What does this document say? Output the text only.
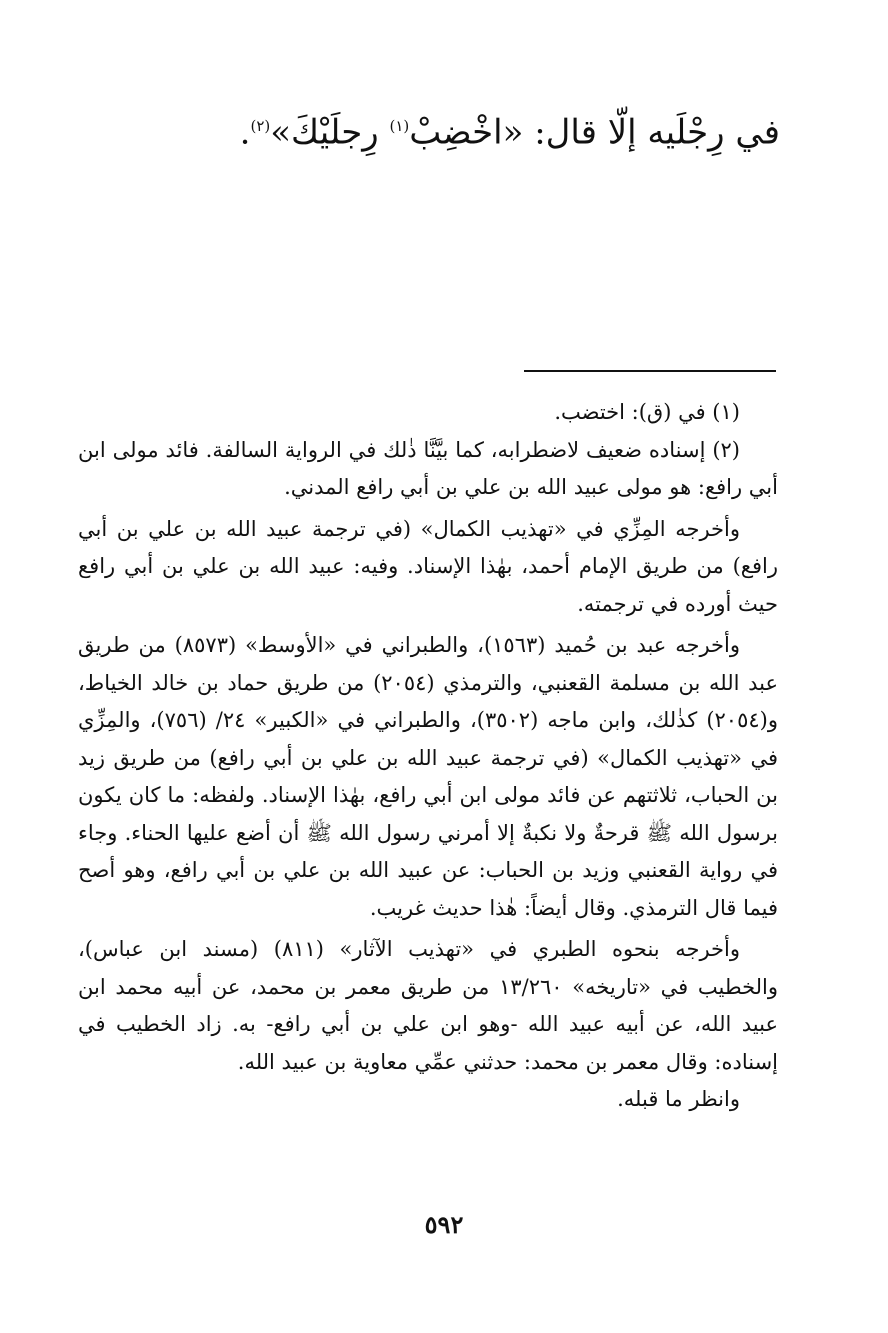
في رِجْلَيه إلّا قال: «اخْضِبْ$^{(١)}$ رِجلَيْكَ»$^{(٢)}$.

(١) في (ق): اختضب.

(٢) إسناده ضعيف لاضطرابه، كما بيَّنَّا ذٰلك في الرواية السالفة. فائد مولى ابن أبي رافع: هو مولى عبيد الله بن علي بن أبي رافع المدني.

وأخرجه المِزِّي في «تهذيب الكمال» (في ترجمة عبيد الله بن علي بن أبي رافع) من طريق الإمام أحمد، بهٰذا الإسناد. وفيه: عبيد الله بن علي بن أبي رافع حيث أورده في ترجمته.

وأخرجه عبد بن حُميد (١٥٦٣)، والطبراني في «الأوسط» (٨٥٧٣) من طريق عبد الله بن مسلمة القعنبي، والترمذي (٢٠٥٤) من طريق حماد بن خالد الخياط، و(٢٠٥٤) كذٰلك، وابن ماجه (٣٥٠٢)، والطبراني في «الكبير» ٢٤/ (٧٥٦)، والمِزِّي في «تهذيب الكمال» (في ترجمة عبيد الله بن علي بن أبي رافع) من طريق زيد بن الحباب، ثلاثتهم عن فائد مولى ابن أبي رافع، بهٰذا الإسناد. ولفظه: ما كان يكون برسول الله ﷺ قرحةٌ ولا نكبةٌ إلا أمرني رسول الله ﷺ أن أضع عليها الحناء. وجاء في رواية القعنبي وزيد بن الحباب: عن عبيد الله بن علي بن أبي رافع، وهو أصح فيما قال الترمذي. وقال أيضاً: هٰذا حديث غريب.

وأخرجه بنحوه الطبري في «تهذيب الآثار» (٨١١) (مسند ابن عباس)، والخطيب في «تاريخه» ١٣/٢٦٠ من طريق معمر بن محمد، عن أبيه محمد ابن عبيد الله، عن أبيه عبيد الله -وهو ابن علي بن أبي رافع- به. زاد الخطيب في إسناده: وقال معمر بن محمد: حدثني عمِّي معاوية بن عبيد الله.

وانظر ما قبله.

٥٩٢
